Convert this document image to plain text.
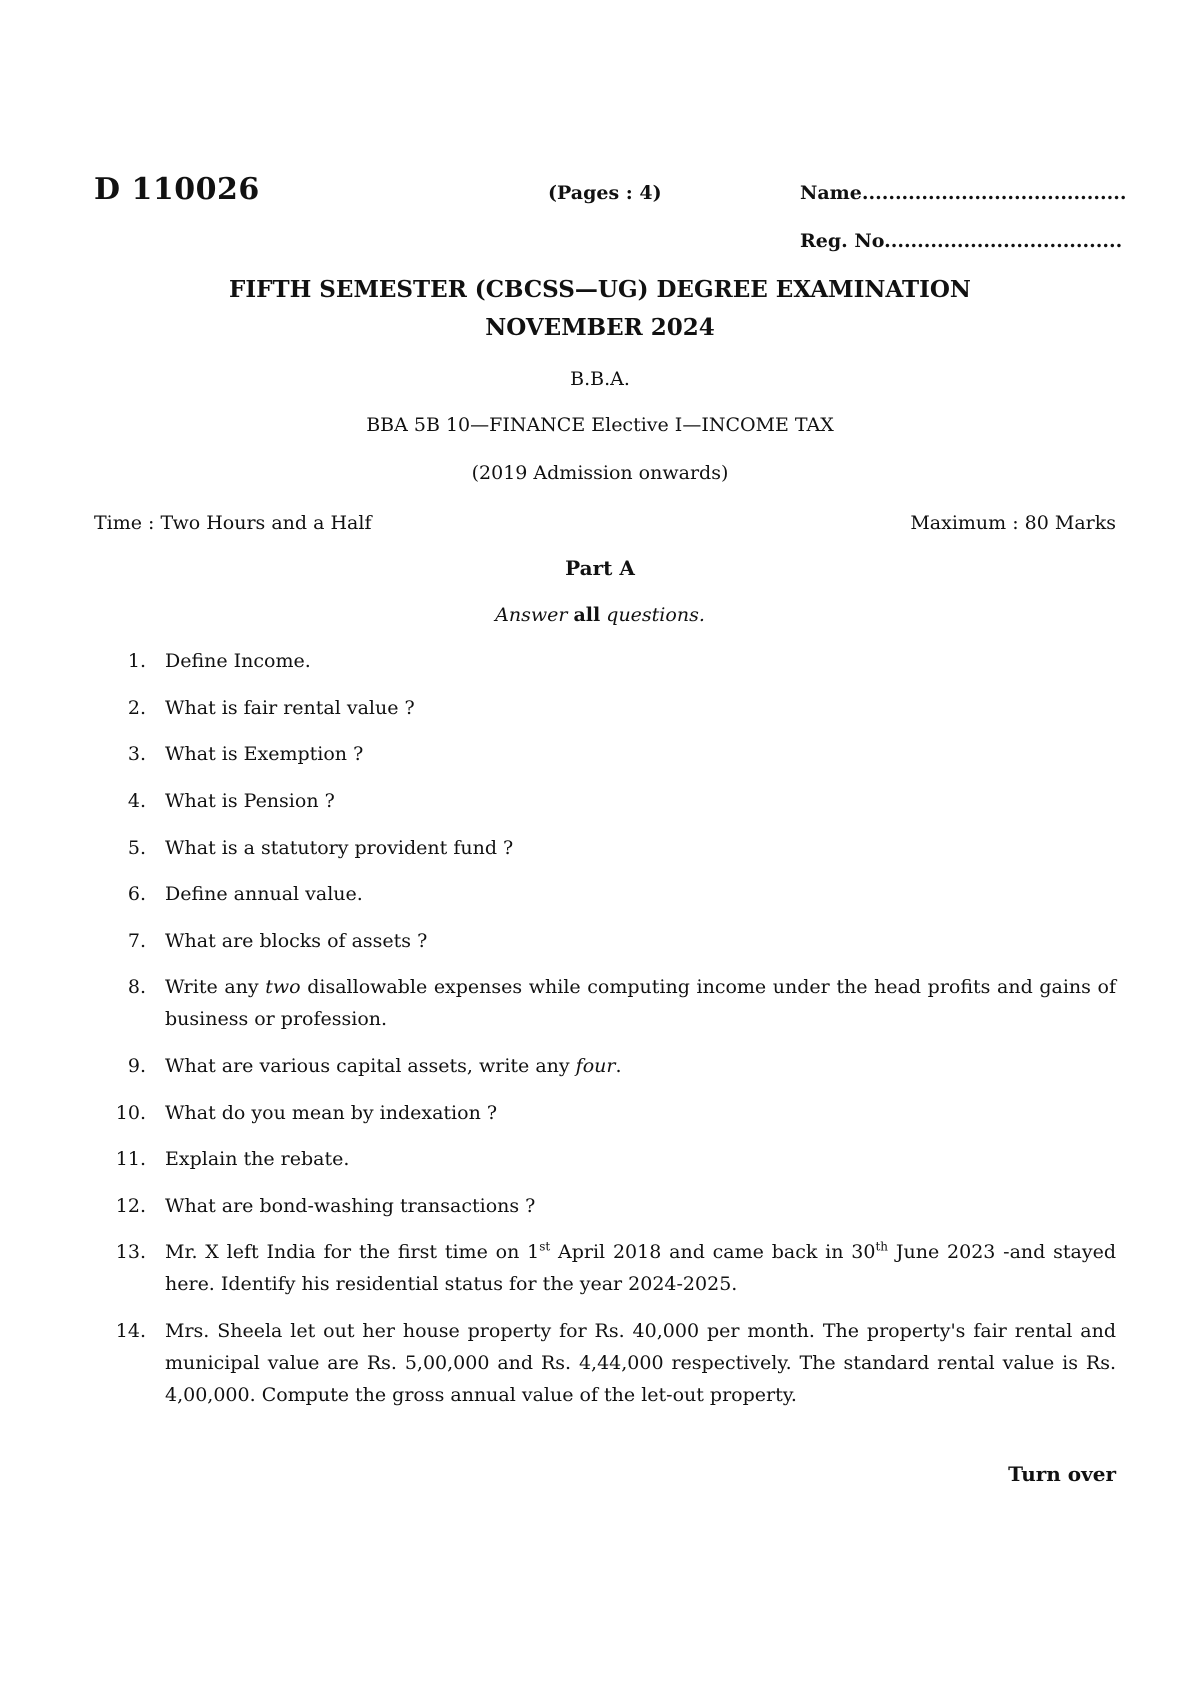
D 110026	(Pages : 4)	Name........................................
Reg. No....................................
FIFTH SEMESTER (CBCSS—UG) DEGREE EXAMINATION
NOVEMBER 2024
B.B.A.
BBA 5B 10—FINANCE Elective I—INCOME TAX
(2019 Admission onwards)
Time : Two Hours and a Half	Maximum : 80 Marks
Part A
Answer all questions.
1. Define Income.
2. What is fair rental value ?
3. What is Exemption ?
4. What is Pension ?
5. What is a statutory provident fund ?
6. Define annual value.
7. What are blocks of assets ?
8. Write any two disallowable expenses while computing income under the head profits and gains of business or profession.
9. What are various capital assets, write any four.
10. What do you mean by indexation ?
11. Explain the rebate.
12. What are bond-washing transactions ?
13. Mr. X left India for the first time on 1st April 2018 and came back in 30th June 2023 -and stayed here. Identify his residential status for the year 2024-2025.
14. Mrs. Sheela let out her house property for Rs. 40,000 per month. The property's fair rental and municipal value are Rs. 5,00,000 and Rs. 4,44,000 respectively. The standard rental value is Rs. 4,00,000. Compute the gross annual value of the let-out property.
Turn over
